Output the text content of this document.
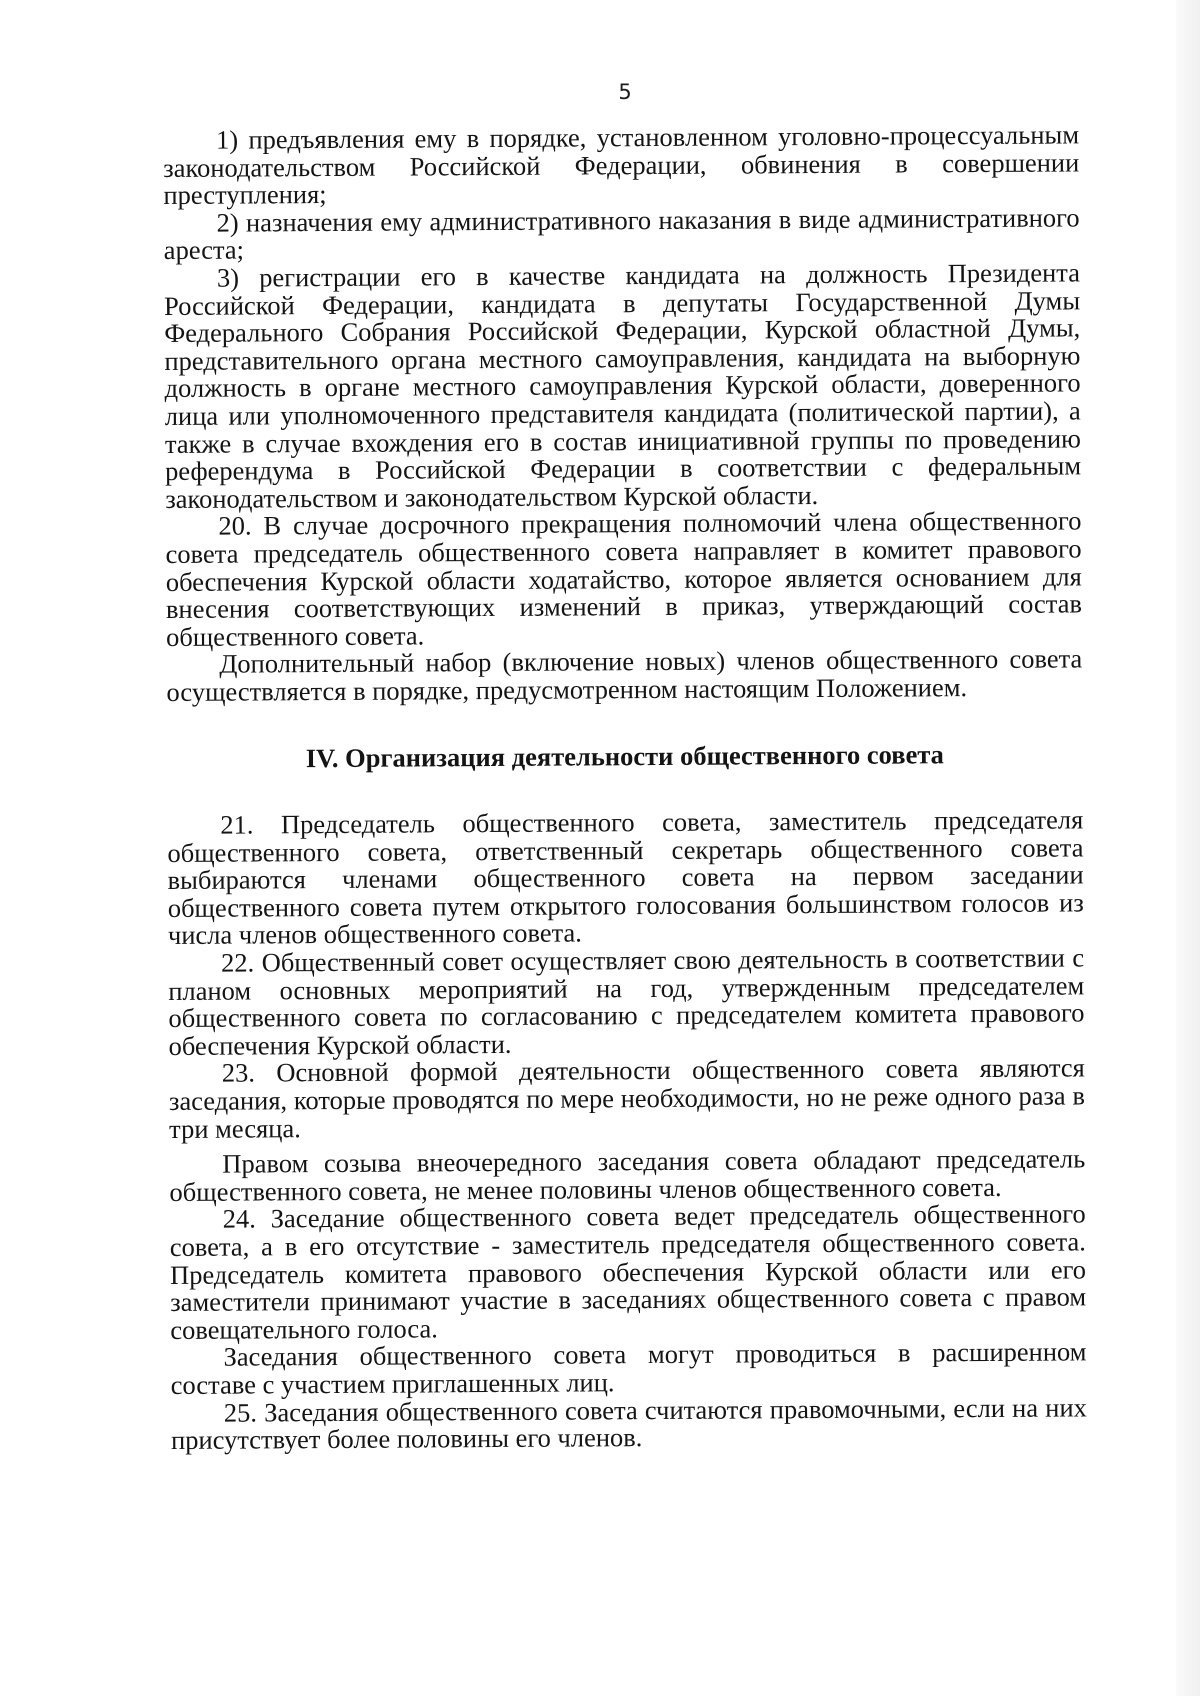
5

1) предъявления ему в порядке, установленном уголовно-процессуальным законодательством Российской Федерации, обвинения в совершении преступления;

2) назначения ему административного наказания в виде административного ареста;

3) регистрации его в качестве кандидата на должность Президента Российской Федерации, кандидата в депутаты Государственной Думы Федерального Собрания Российской Федерации, Курской областной Думы, представительного органа местного самоуправления, кандидата на выборную должность в органе местного самоуправления Курской области, доверенного лица или уполномоченного представителя кандидата (политической партии), а также в случае вхождения его в состав инициативной группы по проведению референдума в Российской Федерации в соответствии с федеральным законодательством и законодательством Курской области.

20. В случае досрочного прекращения полномочий члена общественного совета председатель общественного совета направляет в комитет правового обеспечения Курской области ходатайство, которое является основанием для внесения соответствующих изменений в приказ, утверждающий состав общественного совета.

Дополнительный набор (включение новых) членов общественного совета осуществляется в порядке, предусмотренном настоящим Положением.

IV. Организация деятельности общественного совета

21. Председатель общественного совета, заместитель председателя общественного совета, ответственный секретарь общественного совета выбираются членами общественного совета на первом заседании общественного совета путем открытого голосования большинством голосов из числа членов общественного совета.

22. Общественный совет осуществляет свою деятельность в соответствии с планом основных мероприятий на год, утвержденным председателем общественного совета по согласованию с председателем комитета правового обеспечения Курской области.

23. Основной формой деятельности общественного совета являются заседания, которые проводятся по мере необходимости, но не реже одного раза в три месяца.

Правом созыва внеочередного заседания совета обладают председатель общественного совета, не менее половины членов общественного совета.

24. Заседание общественного совета ведет председатель общественного совета, а в его отсутствие - заместитель председателя общественного совета. Председатель комитета правового обеспечения Курской области или его заместители принимают участие в заседаниях общественного совета с правом совещательного голоса.

Заседания общественного совета могут проводиться в расширенном составе с участием приглашенных лиц.

25. Заседания общественного совета считаются правомочными, если на них присутствует более половины его членов.
